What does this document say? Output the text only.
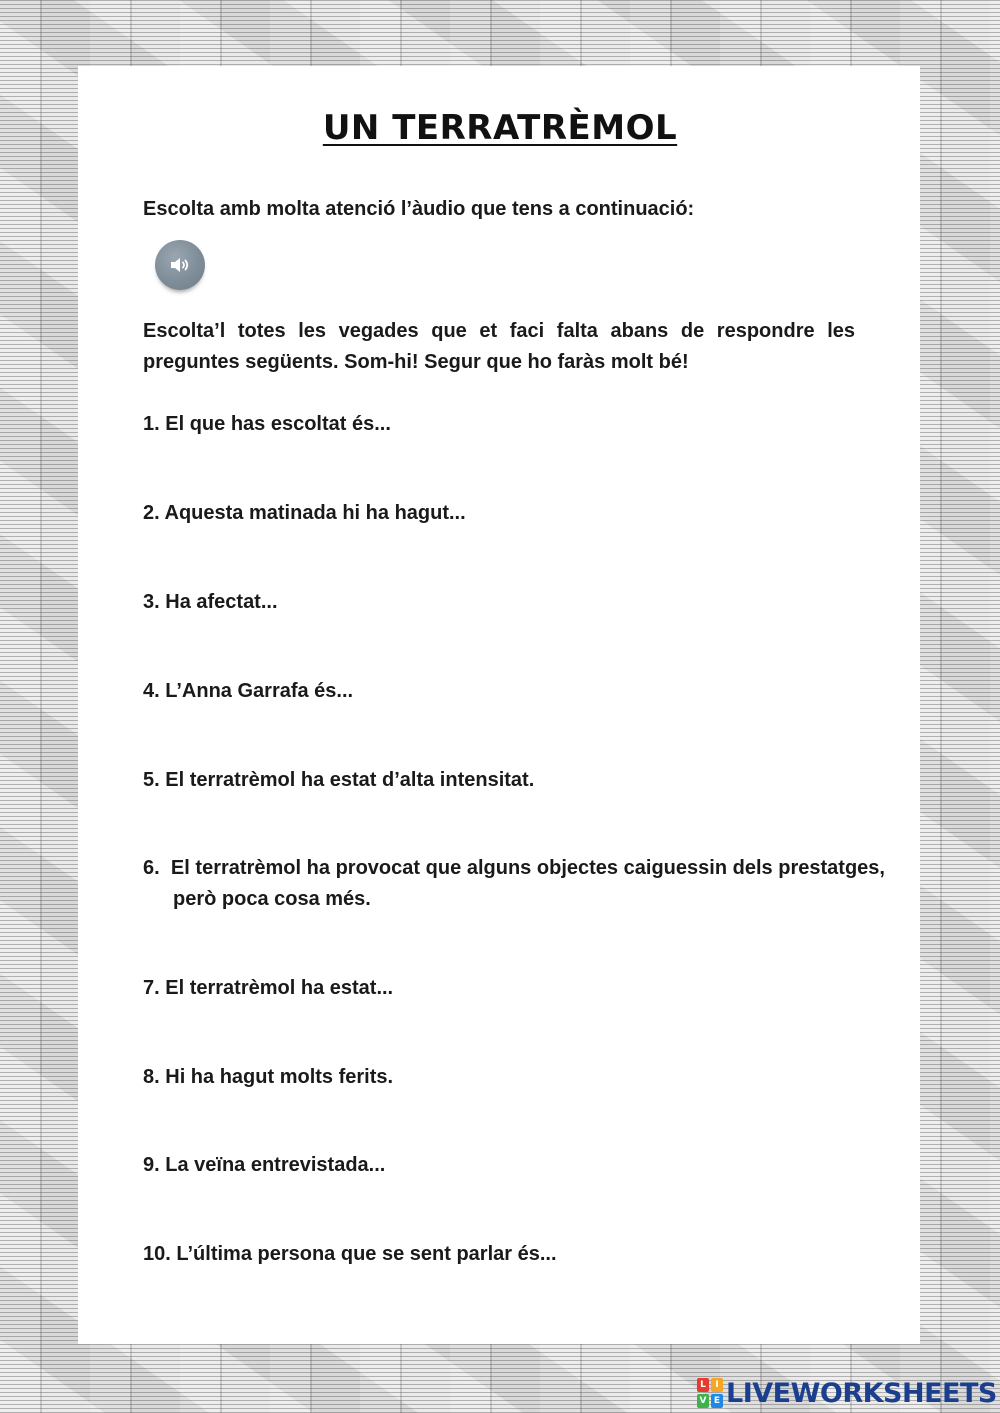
UN TERRATRÈMOL
Escolta amb molta atenció l’àudio que tens a continuació:
Escolta’l totes les vegades que et faci falta abans de respondre les preguntes següents. Som-hi! Segur que ho faràs molt bé!
1. El que has escoltat és...
2. Aquesta matinada hi ha hagut...
3. Ha afectat...
4. L’Anna Garrafa és...
5. El terratrèmol ha estat d’alta intensitat.
6. El terratrèmol ha provocat que alguns objectes caiguessin dels prestatges, però poca cosa més.
7. El terratrèmol ha estat...
8. Hi ha hagut molts ferits.
9. La veïna entrevistada...
10. L’última persona que se sent parlar és...
L	I
V E LIVEWORKSHEETS
